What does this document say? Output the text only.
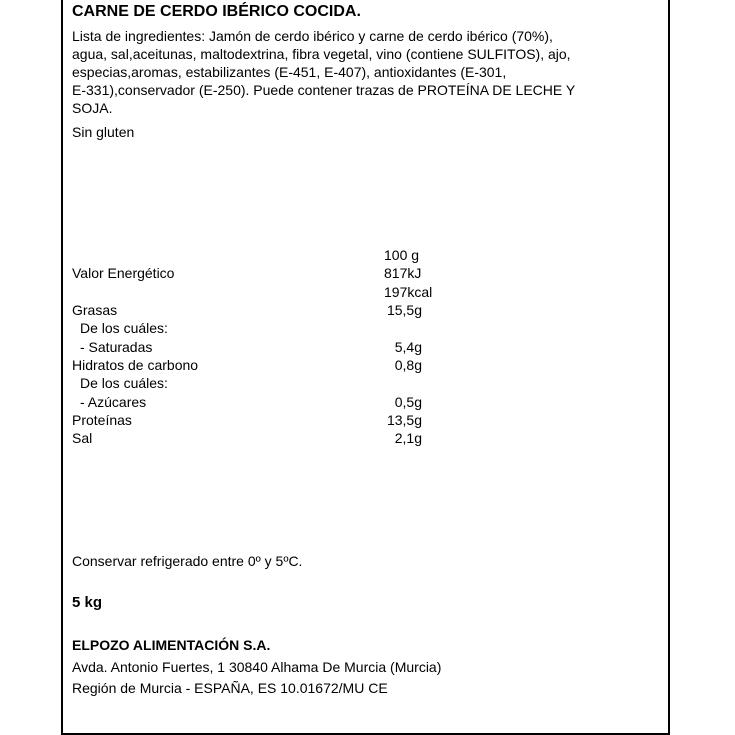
CARNE DE CERDO IBÉRICO COCIDA.
Lista de ingredientes: Jamón de cerdo ibérico y carne de cerdo ibérico (70%),
agua, sal,aceitunas, maltodextrina, fibra vegetal, vino (contiene SULFITOS), ajo,
especias,aromas, estabilizantes (E-451, E-407), antioxidantes (E-301,
E-331),conservador (E-250). Puede contener trazas de PROTEÍNA DE LECHE Y
SOJA.
Sin gluten
100 g
Valor Energético	817kJ
197kcal
Grasas	15,5g
De los cuáles:
- Saturadas	5,4g
Hidratos de carbono	0,8g
De los cuáles:
- Azúcares	0,5g
Proteínas	13,5g
Sal	2,1g
Conservar refrigerado entre 0º y 5ºC.
5 kg
ELPOZO ALIMENTACIÓN S.A.
Avda. Antonio Fuertes, 1 30840 Alhama De Murcia (Murcia)
Región de Murcia - ESPAÑA, ES 10.01672/MU CE
